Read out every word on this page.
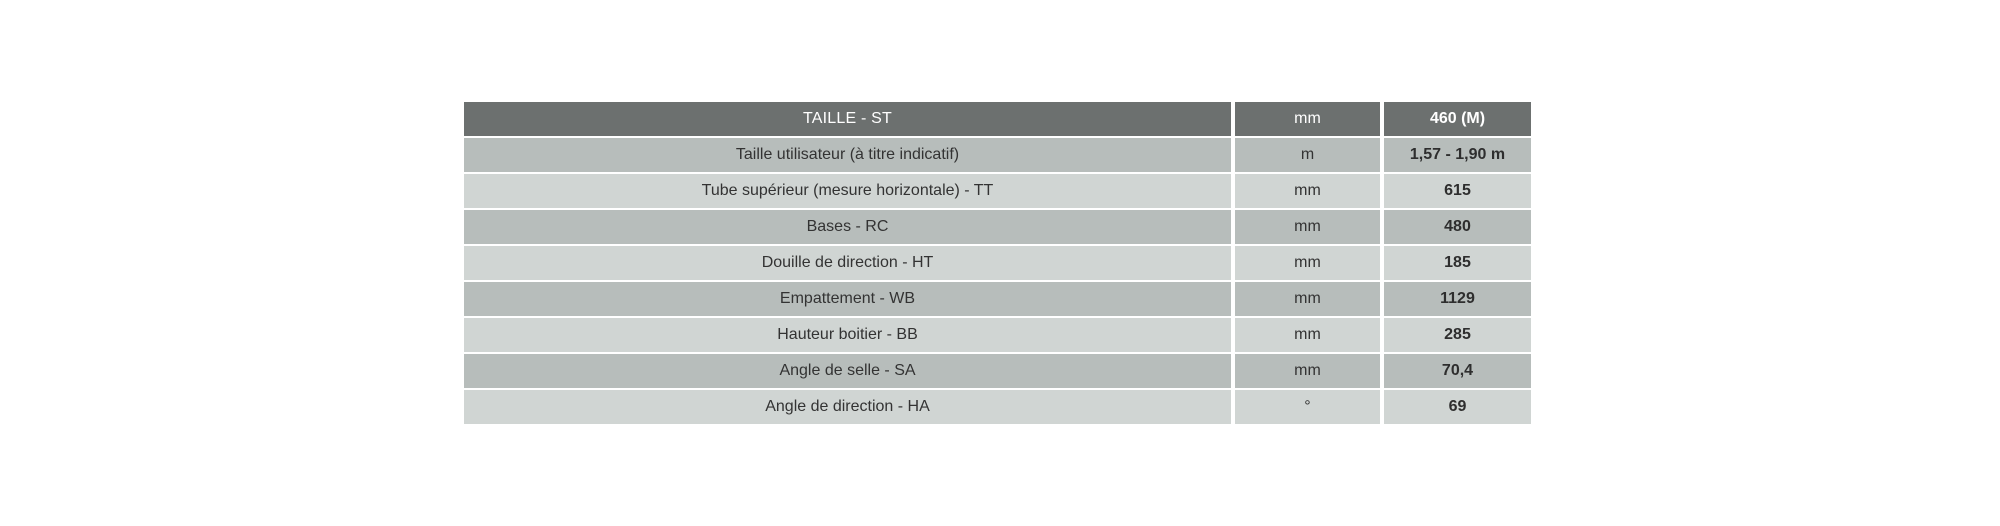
TAILLE - ST	mm	460 (M)
Taille utilisateur (à titre indicatif)	m	1,57 - 1,90 m
Tube supérieur (mesure horizontale) - TT	mm	615
Bases - RC	mm	480
Douille de direction - HT	mm	185
Empattement - WB	mm	1129
Hauteur boitier - BB	mm	285
Angle de selle - SA	mm	70,4
Angle de direction - HA	°	69
